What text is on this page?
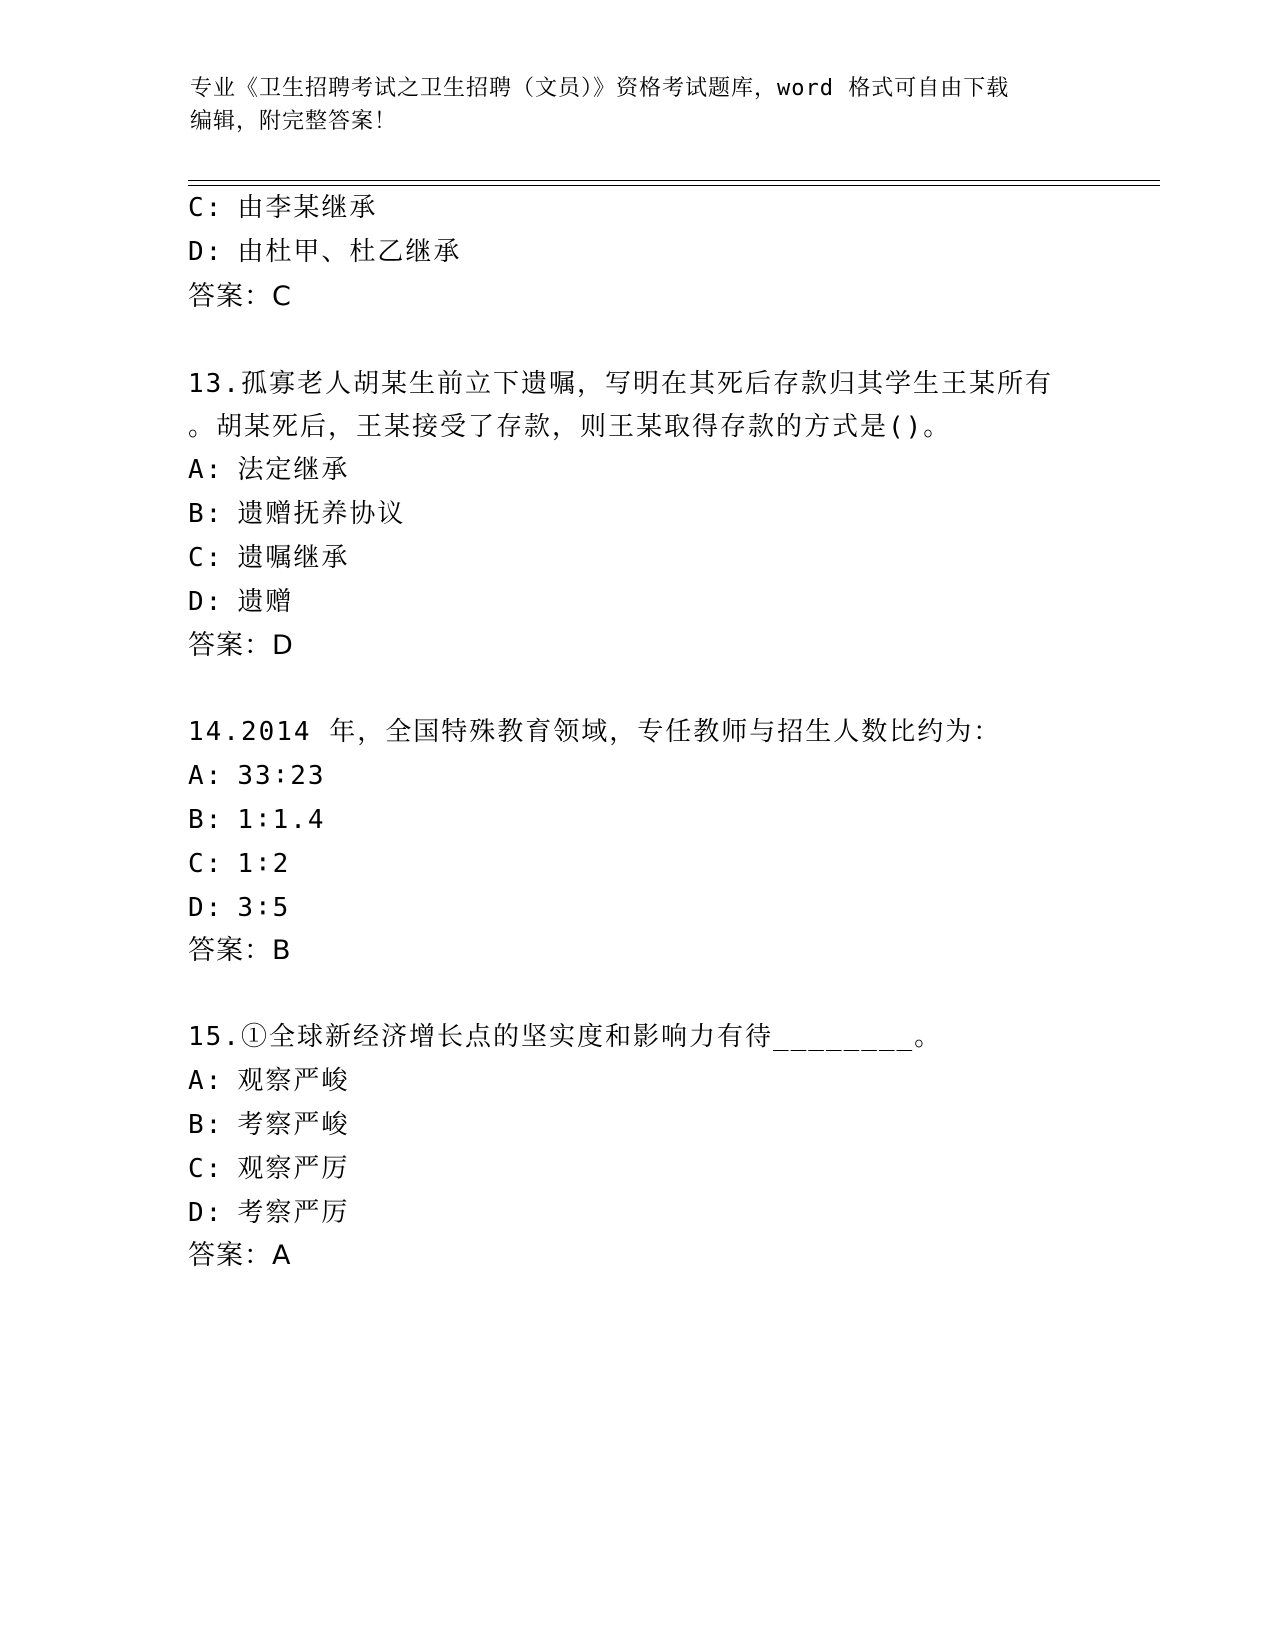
专业《卫生招聘考试之卫生招聘（文员）》资格考试题库，word 格式可自由下载
编辑，附完整答案！
C: 由李某继承
D: 由杜甲、杜乙继承
答案：C
13.孤寡老人胡某生前立下遗嘱，写明在其死后存款归其学生王某所有
。胡某死后，王某接受了存款，则王某取得存款的方式是()。
A: 法定继承
B: 遗赠抚养协议
C: 遗嘱继承
D: 遗赠
答案：D
14.2014 年，全国特殊教育领域，专任教师与招生人数比约为：
A: 33∶23
B: 1∶1.4
C: 1∶2
D: 3∶5
答案：B
15.①全球新经济增长点的坚实度和影响力有待________。
A: 观察严峻
B: 考察严峻
C: 观察严厉
D: 考察严厉
答案：A
